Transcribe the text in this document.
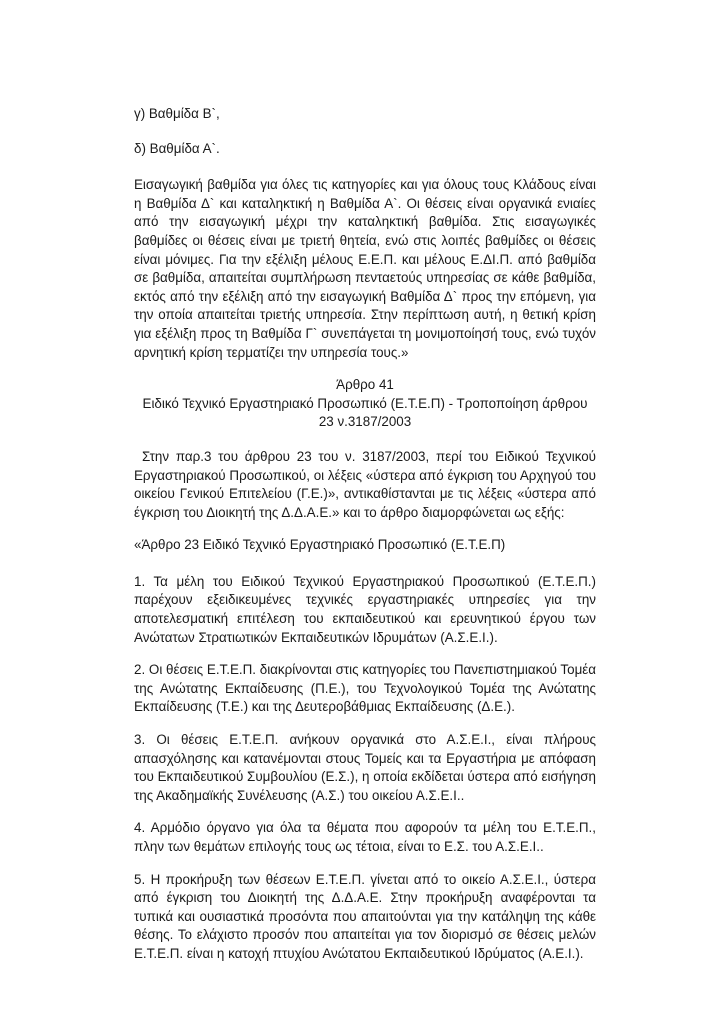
γ) Βαθμίδα Β`,
δ) Βαθμίδα Α`.

Εισαγωγική βαθμίδα για όλες τις κατηγορίες και για όλους τους Κλάδους είναι η Βαθμίδα Δ` και καταληκτική η Βαθμίδα Α`. Οι θέσεις είναι οργανικά ενιαίες από την εισαγωγική μέχρι την καταληκτική βαθμίδα. Στις εισαγωγικές βαθμίδες οι θέσεις είναι με τριετή θητεία, ενώ στις λοιπές βαθμίδες οι θέσεις είναι μόνιμες. Για την εξέλιξη μέλους Ε.Ε.Π. και μέλους Ε.ΔΙ.Π. από βαθμίδα σε βαθμίδα, απαιτείται συμπλήρωση πενταετούς υπηρεσίας σε κάθε βαθμίδα, εκτός από την εξέλιξη από την εισαγωγική Βαθμίδα Δ` προς την επόμενη, για την οποία απαιτείται τριετής υπηρεσία. Στην περίπτωση αυτή, η θετική κρίση για εξέλιξη προς τη Βαθμίδα Γ` συνεπάγεται τη μονιμοποίησή τους, ενώ τυχόν αρνητική κρίση τερματίζει την υπηρεσία τους.»

Άρθρο 41
Ειδικό Τεχνικό Εργαστηριακό Προσωπικό (Ε.Τ.Ε.Π) - Τροποποίηση άρθρου
23 ν.3187/2003

Στην παρ.3 του άρθρου 23 του ν. 3187/2003, περί του Ειδικού Τεχνικού Εργαστηριακού Προσωπικού, οι λέξεις «ύστερα από έγκριση του Αρχηγού του οικείου Γενικού Επιτελείου (Γ.Ε.)», αντικαθίστανται με τις λέξεις «ύστερα από έγκριση του Διοικητή της Δ.Δ.Α.Ε.» και το άρθρο διαμορφώνεται ως εξής:

«Άρθρο 23 Ειδικό Τεχνικό Εργαστηριακό Προσωπικό (Ε.Τ.Ε.Π)

1. Τα μέλη του Ειδικού Τεχνικού Εργαστηριακού Προσωπικού (Ε.Τ.Ε.Π.) παρέχουν εξειδικευμένες τεχνικές εργαστηριακές υπηρεσίες για την αποτελεσματική επιτέλεση του εκπαιδευτικού και ερευνητικού έργου των Ανώτατων Στρατιωτικών Εκπαιδευτικών Ιδρυμάτων (Α.Σ.Ε.Ι.).

2. Οι θέσεις Ε.Τ.Ε.Π. διακρίνονται στις κατηγορίες του Πανεπιστημιακού Τομέα της Ανώτατης Εκπαίδευσης (Π.Ε.), του Τεχνολογικού Τομέα της Ανώτατης Εκπαίδευσης (Τ.Ε.) και της Δευτεροβάθμιας Εκπαίδευσης (Δ.Ε.).

3. Οι θέσεις Ε.Τ.Ε.Π. ανήκουν οργανικά στο Α.Σ.Ε.Ι., είναι πλήρους απασχόλησης και κατανέμονται στους Τομείς και τα Εργαστήρια με απόφαση του Εκπαιδευτικού Συμβουλίου (Ε.Σ.), η οποία εκδίδεται ύστερα από εισήγηση της Ακαδημαϊκής Συνέλευσης (Α.Σ.) του οικείου Α.Σ.Ε.Ι..

4. Αρμόδιο όργανο για όλα τα θέματα που αφορούν τα μέλη του Ε.Τ.Ε.Π., πλην των θεμάτων επιλογής τους ως τέτοια, είναι το Ε.Σ. του Α.Σ.Ε.Ι..

5. Η προκήρυξη των θέσεων Ε.Τ.Ε.Π. γίνεται από το οικείο Α.Σ.Ε.Ι., ύστερα από έγκριση του Διοικητή της Δ.Δ.Α.Ε. Στην προκήρυξη αναφέρονται τα τυπικά και ουσιαστικά προσόντα που απαιτούνται για την κατάληψη της κάθε θέσης. Το ελάχιστο προσόν που απαιτείται για τον διορισμό σε θέσεις μελών Ε.Τ.Ε.Π. είναι η κατοχή πτυχίου Ανώτατου Εκπαιδευτικού Ιδρύματος (Α.Ε.Ι.).
